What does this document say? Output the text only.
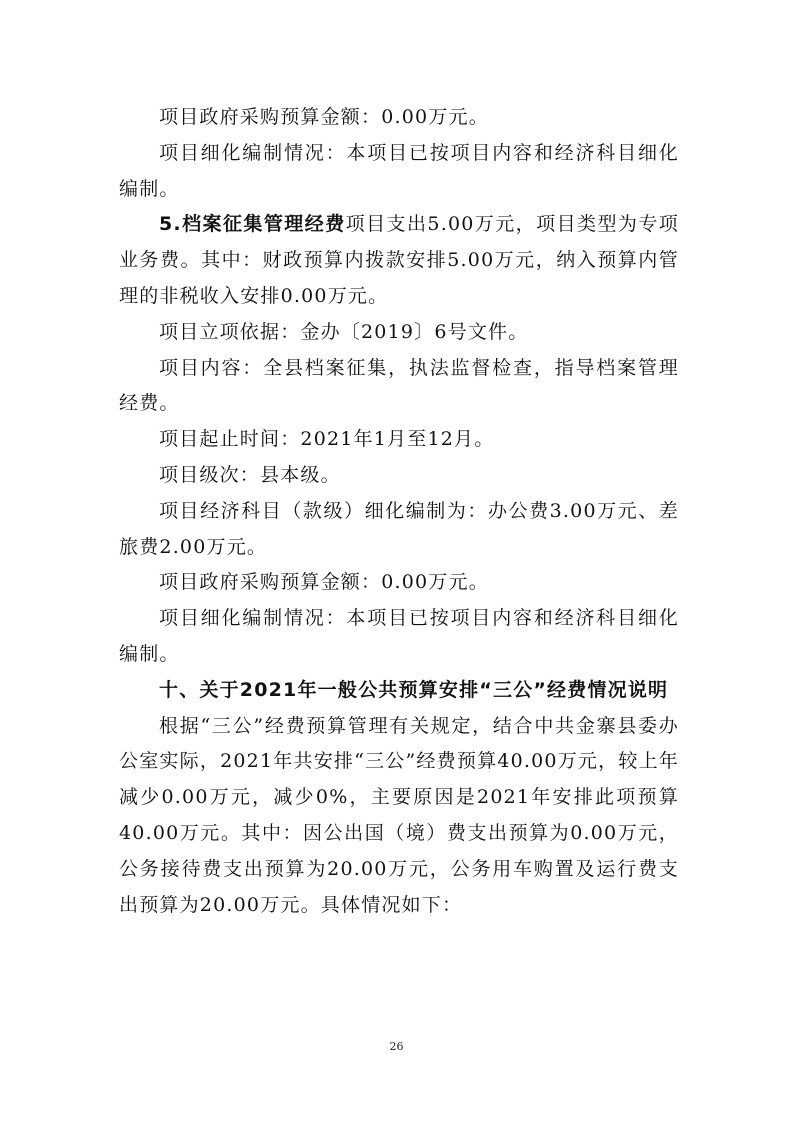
项目政府采购预算金额：0.00万元。

项目细化编制情况：本项目已按项目内容和经济科目细化编制。

5.档案征集管理经费项目支出5.00万元，项目类型为专项业务费。其中：财政预算内拨款安排5.00万元，纳入预算内管理的非税收入安排0.00万元。

项目立项依据：金办〔2019〕6号文件。

项目内容：全县档案征集，执法监督检查，指导档案管理经费。

项目起止时间：2021年1月至12月。

项目级次：县本级。

项目经济科目（款级）细化编制为：办公费3.00万元、差旅费2.00万元。

项目政府采购预算金额：0.00万元。

项目细化编制情况：本项目已按项目内容和经济科目细化编制。

十、关于2021年一般公共预算安排“三公”经费情况说明

根据“三公”经费预算管理有关规定，结合中共金寨县委办公室实际，2021年共安排“三公”经费预算40.00万元，较上年减少0.00万元，减少0%，主要原因是2021年安排此项预算40.00万元。其中：因公出国（境）费支出预算为0.00万元，公务接待费支出预算为20.00万元，公务用车购置及运行费支出预算为20.00万元。具体情况如下：

26
